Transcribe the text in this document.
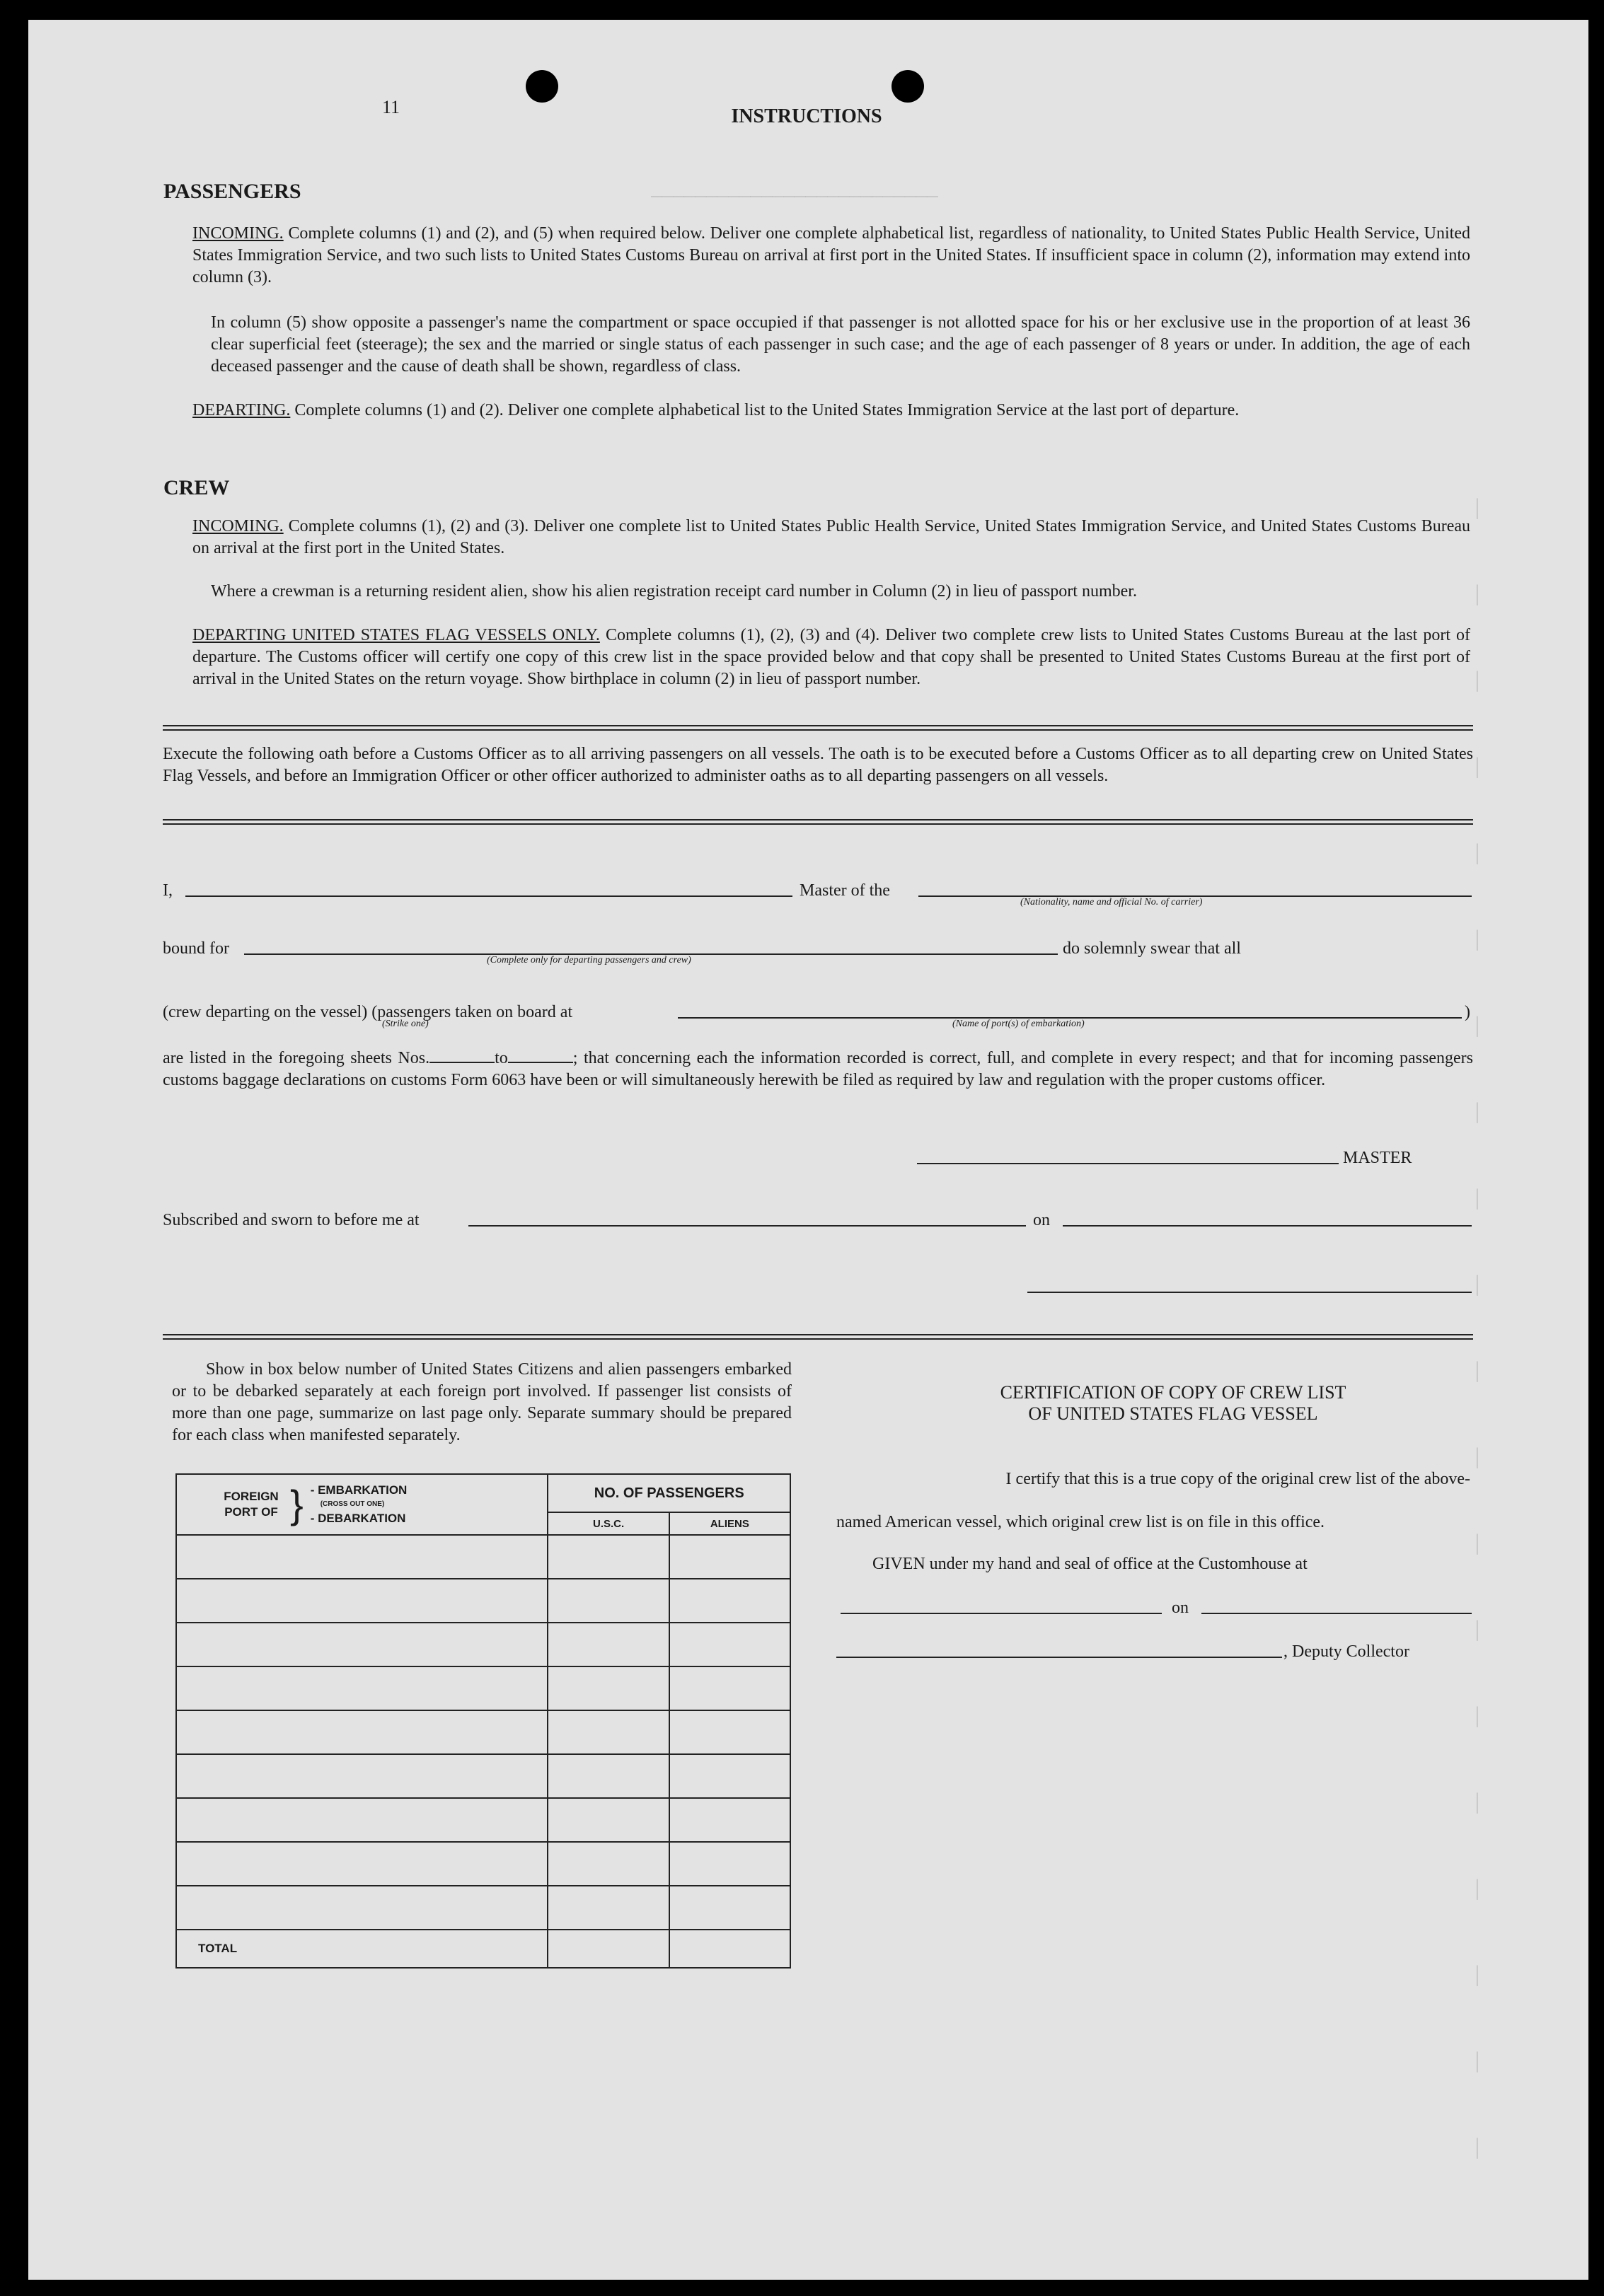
──────────────────────────
│
│
│
│
│
│
│
│
│
│
│
│
│
│
│
│
│
│
│
│
11	INSTRUCTIONS
PASSENGERS
INCOMING. Complete columns (1) and (2), and (5) when required below. Deliver one complete alphabetical list, regardless of nationality, to United States Public Health Service, United States Immigration Service, and two such lists to United States Customs Bureau on arrival at first port in the United States. If insufficient space in column (2), information may extend into column (3).
In column (5) show opposite a passenger's name the compartment or space occupied if that passenger is not allotted space for his or her exclusive use in the proportion of at least 36 clear superficial feet (steerage); the sex and the married or single status of each passenger in such case; and the age of each passenger of 8 years or under. In addition, the age of each deceased passenger and the cause of death shall be shown, regardless of class.
DEPARTING. Complete columns (1) and (2). Deliver one complete alphabetical list to the United States Immigration Service at the last port of departure.
CREW
INCOMING. Complete columns (1), (2) and (3). Deliver one complete list to United States Public Health Service, United States Immigration Service, and United States Customs Bureau on arrival at the first port in the United States.
Where a crewman is a returning resident alien, show his alien registration receipt card number in Column (2) in lieu of passport number.
DEPARTING UNITED STATES FLAG VESSELS ONLY. Complete columns (1), (2), (3) and (4). Deliver two complete crew lists to United States Customs Bureau at the last port of departure. The Customs officer will certify one copy of this crew list in the space provided below and that copy shall be presented to United States Customs Bureau at the first port of arrival in the United States on the return voyage. Show birthplace in column (2) in lieu of passport number.
Execute the following oath before a Customs Officer as to all arriving passengers on all vessels. The oath is to be executed before a Customs Officer as to all departing crew on United States Flag Vessels, and before an Immigration Officer or other officer authorized to administer oaths as to all departing passengers on all vessels.
I,	Master of the
(Nationality, name and official No. of carrier)
bound for	do solemnly swear that all
(Complete only for departing passengers and crew)
(crew departing on the vessel) (passengers taken on board at	)
(Strike one)	(Name of port(s) of embarkation)
are listed in the foregoing sheets Nos.	to	; that concerning each the information recorded is correct, full, and complete in every respect; and that for incoming passengers customs baggage declarations on customs Form 6063 have been or will simultaneously herewith be filed as required by law and regulation with the proper customs officer.
MASTER
Subscribed and sworn to before me at	on
Show in box below number of United States Citizens and alien passengers embarked or to be debarked separately at each foreign port involved. If passenger list consists of more than one page, summarize on last page only. Separate summary should be prepared for each class when manifested separately.
FOREIGN PORT OF } - EMBARKATION
(CROSS OUT ONE)
- DEBARKATION	NO. OF PASSENGERS	
	U.S.C.	ALIENS

TOTAL		
CERTIFICATION OF COPY OF CREW LIST
OF UNITED STATES FLAG VESSEL
I certify that this is a true copy of the original crew list of the above-
named American vessel, which original crew list is on file in this office.
GIVEN under my hand and seal of office at the Customhouse at
on
, Deputy Collector
